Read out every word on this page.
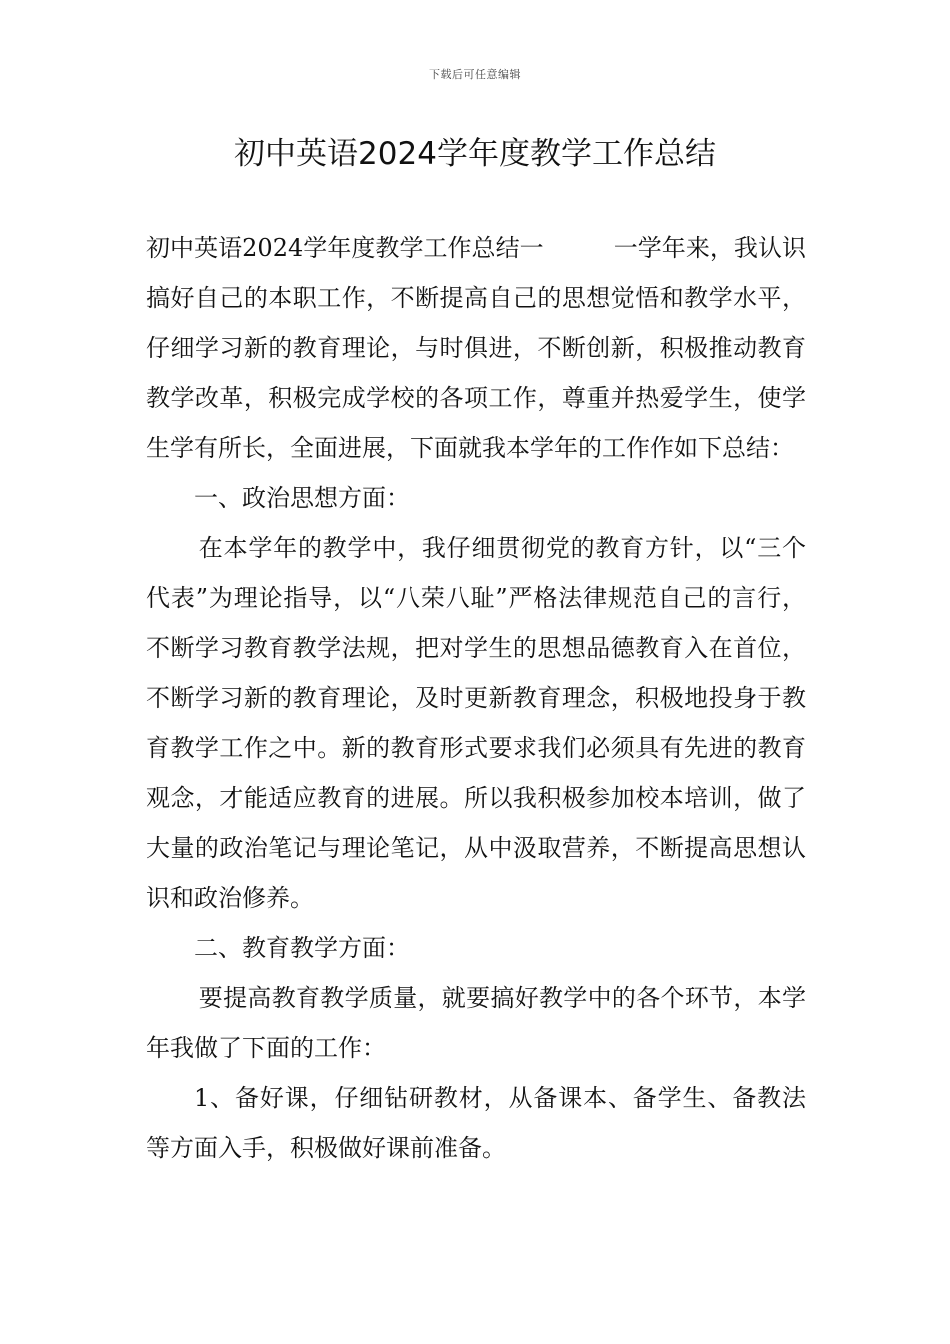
下载后可任意编辑
初中英语2024学年度教学工作总结

初中英语2024学年度教学工作总结一	一学年来，我认识搞好自己的本职工作，不断提高自己的思想觉悟和教学水平，仔细学习新的教育理论，与时俱进，不断创新，积极推动教育教学改革，积极完成学校的各项工作，尊重并热爱学生，使学生学有所长，全面进展，下面就我本学年的工作作如下总结：

一、政治思想方面：

在本学年的教学中，我仔细贯彻党的教育方针，以“三个代表”为理论指导，以“八荣八耻”严格法律规范自己的言行，不断学习教育教学法规，把对学生的思想品德教育入在首位，不断学习新的教育理论，及时更新教育理念，积极地投身于教育教学工作之中。新的教育形式要求我们必须具有先进的教育观念，才能适应教育的进展。所以我积极参加校本培训，做了大量的政治笔记与理论笔记，从中汲取营养，不断提高思想认识和政治修养。

二、教育教学方面：

要提高教育教学质量，就要搞好教学中的各个环节，本学年我做了下面的工作：

1、备好课，仔细钻研教材，从备课本、备学生、备教法等方面入手，积极做好课前准备。
